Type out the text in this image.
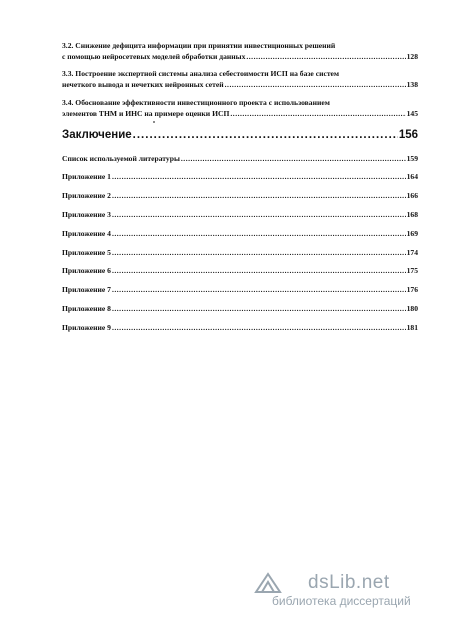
3.2. Снижение дефицита информации при принятии инвестиционных решений
с помощью нейросетевых моделей обработки данных .....	128
3.3. Построение экспертной системы анализа себестоимости ИСП на базе систем
нечеткого вывода и нечетких нейронных сетей .....	138
3.4. Обоснование эффективности инвестиционного проекта с использованием
элементов ТНМ и ИНС на примере оценки ИСП .....	145
Заключение .....	156
Список используемой литературы .....	159
Приложение 1 .....	164
Приложение 2 .....	166
Приложение 3 .....	168
Приложение 4 .....	169
Приложение 5 .....	174
Приложение 6 .....	175
Приложение 7 .....	176
Приложение 8 .....	180
Приложение 9 .....	181
dsLib.net
библиотека диссертаций
